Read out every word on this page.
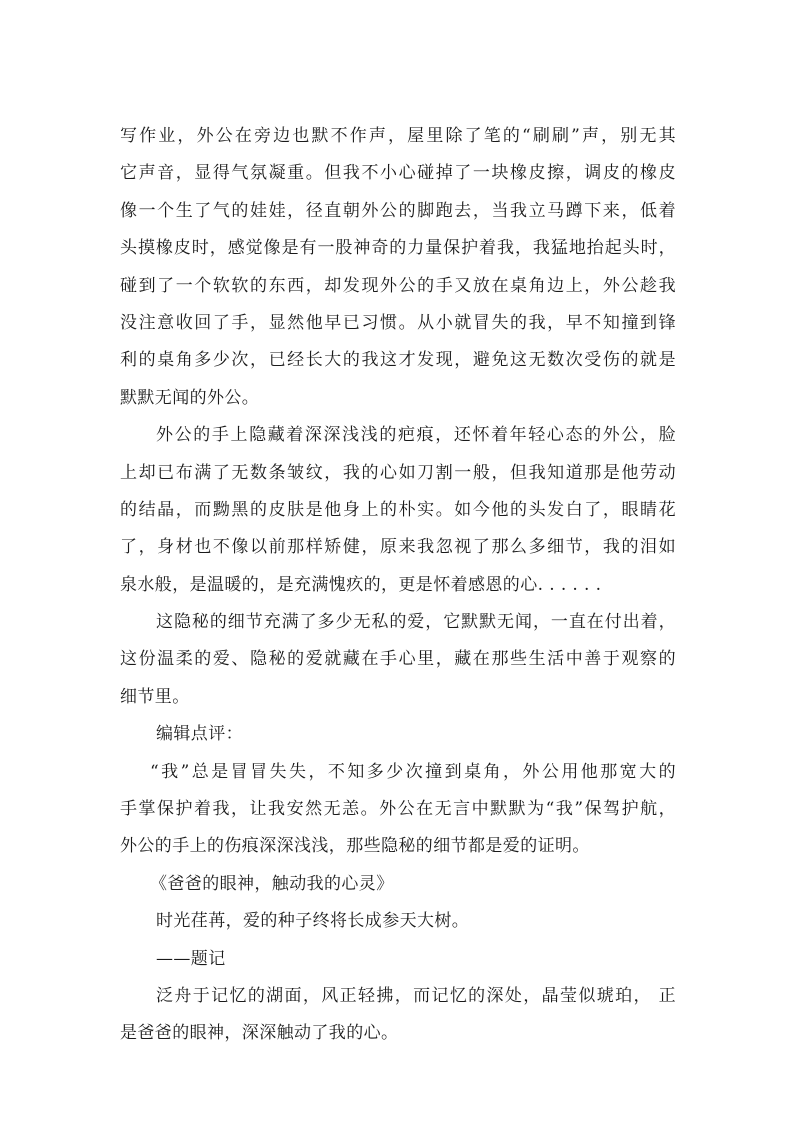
写作业，外公在旁边也默不作声，屋里除了笔的“刷刷”声，别无其
它声音，显得气氛凝重。但我不小心碰掉了一块橡皮擦，调皮的橡皮
像一个生了气的娃娃，径直朝外公的脚跑去，当我立马蹲下来，低着
头摸橡皮时，感觉像是有一股神奇的力量保护着我，我猛地抬起头时，
碰到了一个软软的东西，却发现外公的手又放在桌角边上，外公趁我
没注意收回了手，显然他早已习惯。从小就冒失的我，早不知撞到锋
利的桌角多少次，已经长大的我这才发现，避免这无数次受伤的就是
默默无闻的外公。
外公的手上隐藏着深深浅浅的疤痕，还怀着年轻心态的外公，脸
上却已布满了无数条皱纹，我的心如刀割一般，但我知道那是他劳动
的结晶，而黝黑的皮肤是他身上的朴实。如今他的头发白了，眼睛花
了，身材也不像以前那样矫健，原来我忽视了那么多细节，我的泪如
泉水般，是温暖的，是充满愧疚的，更是怀着感恩的心. . . . . .
这隐秘的细节充满了多少无私的爱，它默默无闻，一直在付出着，
这份温柔的爱、隐秘的爱就藏在手心里，藏在那些生活中善于观察的
细节里。
编辑点评：
“我”总是冒冒失失，不知多少次撞到桌角，外公用他那宽大的
手掌保护着我，让我安然无恙。外公在无言中默默为“我”保驾护航，
外公的手上的伤痕深深浅浅，那些隐秘的细节都是爱的证明。
《爸爸的眼神，触动我的心灵》
时光荏苒，爱的种子终将长成参天大树。
——题记
泛舟于记忆的湖面，风正轻拂，而记忆的深处，晶莹似琥珀， 正
是爸爸的眼神，深深触动了我的心。
